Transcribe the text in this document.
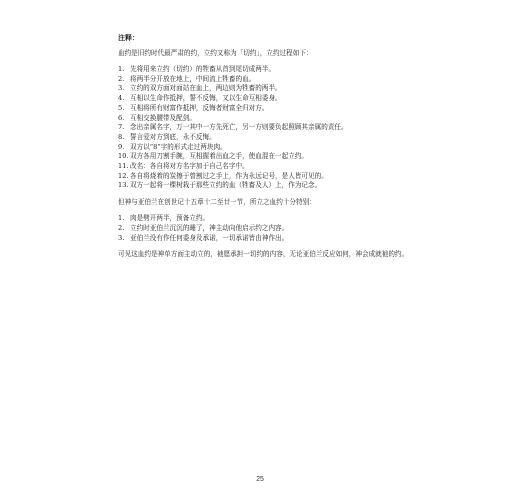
注释：
血约是旧约时代最严肃的约，立约又称为「切约」，立约过程如下：
1. 先将用来立约（切约）的牲畜从首到尾切成两半。
2. 将两半分开放在地上，中间流上牲畜的血。
3. 立约的双方面对面站在血上，两边则为牲畜的两半。
4. 互相以生命作抵押，誓不反悔，又以生命互相委身。
5. 互相将所有财富作抵押，反悔者财富全归对方。
6. 互相交换腰带及配剑。
7. 念出亲属名字，万一其中一方先死亡，另一方则要负起照顾其亲属的责任。
8. 誓言爱对方到底，永不反悔。
9. 双方以“8”字的形式走过两块肉。
10. 双方各用刀割手腕，互相握着出血之手，使血混在一起立约。
11. 改名：各自将对方名字加于自己名字中。
12. 各自将烧着的炭擦于曾割过之手上，作为永远记号，是人皆可见的。
13. 双方一起将一棵树栽于那些立约的血（牲畜及人）上，作为记念。
但神与亚伯兰在创世记十五章十二至廿一节，所立之血约十分特别：
1. 肉是劈开两半，预备立约。
2. 立约时亚伯兰沉沉的睡了，神主动向他启示约之内容。
3. 亚伯兰没有作任何委身及承诺，一切承诺皆由神作出。
可见这血约是神单方面主动立的，祂愿承担一切约的内容，无论亚伯兰反应如何，神会成就祂的约。
25
